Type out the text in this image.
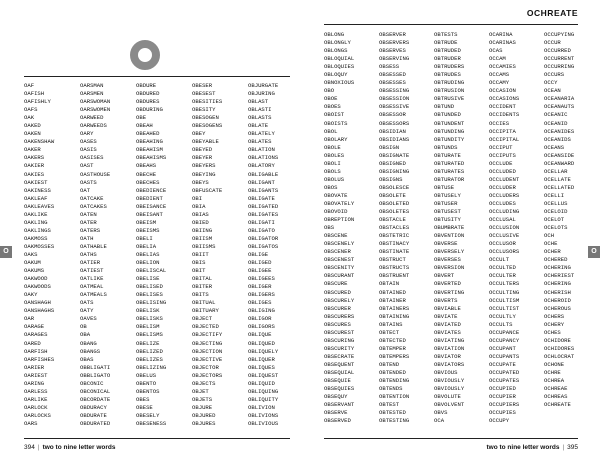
OAF
OAFISH
OAFISHLY
OAFS
OAK
OAKED
OAKEN
OAKENSHAW
OAKER
OAKERS
OAKIER
OAKIES
OAKIEST
OAKINESS
OAKLEAF
OAKLEAVES
OAKLIKE
OAKLING
OAKLINGS
OAKMOSS
OAKMOSSES
OAKS
OAKUM
OAKUMS
OAKWOOD
OAKWOODS
OAKY
OANSHAGH
OANSHAGHS
OAR
OARAGE
OARAGES
OARED
OARFISH
OARFISHES
OARIER
OARIEST
OARING
OARLESS
OARLIKE
OARLOCK
OARLOCKS
OARS
OARSMAN
OARSMEN
OARSWOMAN
OARSWOMEN
OARWEED
OARWEEDS
OARY
OASES
OASIS
OASISES
OAST
OASTHOUSE
OASTS
OAT
OATCAKE
OATCAKES
OATEN
OATER
OATERS
OATH
OATHABLE
OATHS
OATIER
OATIEST
OATLIKE
OATMEAL
OATMEALS
OATS
OATY
OAVES
OB
OBA
OBANG
OBANGS
OBAS
OBBLIGATI
OBBLIGATO
OBCONIC
OBCONICAL
OBCORDATE
OBDURACY
OBDURATE
OBDURATED
OBDURE
OBDURED
OBDURES
OBDURING
OBE
OBEAH
OBEAHED
OBEAHING
OBEAHISM
OBEAHISMS
OBEAHS
OBECHE
OBECHES
OBEDIENCE
OBEDIENT
OBEISANCE
OBEISANT
OBEISM
OBEISMS
OBELI
OBELIA
OBELIAS
OBELION
OBELISCAL
OBELISE
OBELISED
OBELISES
OBELISING
OBELISK
OBELISKS
OBELISM
OBELISMS
OBELIZE
OBELIZED
OBELIZES
OBELIZING
OBELUS
OBENTO
OBENTOS
OBES
OBESE
OBESELY
OBESENESS
OBESER
OBESEST
OBESITIES
OBESITY
OBESOGEN
OBESOGENS
OBEY
OBEYABLE
OBEYED
OBEYER
OBEYERS
OBEYING
OBEYS
OBFUSCATE
OBI
OBIA
OBIAS
OBIED
OBIING
OBIISM
OBIISMS
OBIIT
OBIS
OBIT
OBITAL
OBITER
OBITS
OBITUAL
OBITUARY
OBJECT
OBJECTED
OBJECTIFY
OBJECTING
OBJECTION
OBJECTIVE
OBJECTOR
OBJECTORS
OBJECTS
OBJET
OBJETS
OBJURE
OBJURED
OBJURES
OBJURGATE
OBJURING
OBLAST
OBLASTI
OBLASTS
OBLATE
OBLATELY
OBLATES
OBLATION
OBLATIONS
OBLATORY
OBLIGABLE
OBLIGANT
OBLIGANTS
OBLIGATE
OBLIGATED
OBLIGATES
OBLIGATI
OBLIGATO
OBLIGATOR
OBLIGATOS
OBLIGE
OBLIGED
OBLIGEE
OBLIGEES
OBLIGER
OBLIGERS
OBLIGES
OBLIGING
OBLIGOR
OBLIGORS
OBLIQUE
OBLIQUED
OBLIQUELY
OBLIQUER
OBLIQUES
OBLIQUEST
OBLIQUID
OBLIQUING
OBLIQUITY
OBLIVION
OBLIVIONS
OBLIVIOUS
394 | two to nine letter words
O
OCHREATE
OBLONG
OBLONGLY
OBLONGS
OBLOQUIAL
OBLOQUIES
OBLOQUY
OBNOXIOUS
OBO
OBOE
OBOES
OBOIST
OBOISTS
OBOL
OBOLARY
OBOLE
OBOLES
OBOLI
OBOLS
OBOLUS
OBOS
OBOVATE
OBOVATELY
OBOVOID
OBREPTION
OBS
OBSCENE
OBSCENELY
OBSCENER
OBSCENEST
OBSCENITY
OBSCURANT
OBSCURE
OBSCURED
OBSCURELY
OBSCURER
OBSCURERS
OBSCURES
OBSCUREST
OBSCURING
OBSCURITY
OBSECRATE
OBSEQUENT
OBSEQUIAL
OBSEQUIE
OBSEQUIES
OBSEQUY
OBSERVANT
OBSERVE
OBSERVED
OBSERVER
OBSERVERS
OBSERVES
OBSERVING
OBSESS
OBSESSED
OBSESSES
OBSESSING
OBSESSION
OBSESSIVE
OBSESSOR
OBSESSORS
OBSIDIAN
OBSIDIANS
OBSIGN
OBSIGNATE
OBSIGNED
OBSIGNING
OBSIGNS
OBSOLESCE
OBSOLETE
OBSOLETED
OBSOLETES
OBSTACLE
OBSTACLES
OBSTETRIC
OBSTINACY
OBSTINATE
OBSTRUCT
OBSTRUCTS
OBSTRUENT
OBTAIN
OBTAINED
OBTAINER
OBTAINERS
OBTAINING
OBTAINS
OBTECT
OBTECTED
OBTEMPER
OBTEMPERS
OBTEND
OBTENDED
OBTENDING
OBTENDS
OBTENTION
OBTEST
OBTESTED
OBTESTING
OBTESTS
OBTRUDE
OBTRUDED
OBTRUDER
OBTRUDERS
OBTRUDES
OBTRUDING
OBTRUSION
OBTRUSIVE
OBTUND
OBTUNDED
OBTUNDENT
OBTUNDING
OBTUNDITY
OBTUNDS
OBTURATE
OBTURATED
OBTURATES
OBTURATOR
OBTUSE
OBTUSELY
OBTUSER
OBTUSEST
OBTUSITY
OBUMBRATE
OBVENTION
OBVERSE
OBVERSELY
OBVERSES
OBVERSION
OBVERT
OBVERTED
OBVERTING
OBVERTS
OBVIABLE
OBVIATE
OBVIATED
OBVIATES
OBVIATING
OBVIATION
OBVIATOR
OBVIATORS
OBVIOUS
OBVIOUSLY
OBVIOUSLY
OBVOLUTE
OBVOLVENT
OBVS
OCA
OCARINA
OCARINAS
OCAS
OCCAM
OCCAMIES
OCCAMS
OCCAMY
OCCASION
OCCASIONS
OCCIDENT
OCCIDENTS
OCCIES
OCCIPITA
OCCIPITAL
OCCIPUT
OCCIPUTS
OCCLUDE
OCCLUDED
OCCLUDENT
OCCLUDER
OCCLUDERS
OCCLUDES
OCCLUDING
OCCLUSAL
OCCLUSION
OCCLUSIVE
OCCLUSOR
OCCLUSORS
OCCULT
OCCULTED
OCCULTER
OCCULTERS
OCCULTING
OCCULTISM
OCCULTIST
OCCULTLY
OCCULTS
OCCUPANCE
OCCUPANCY
OCCUPANT
OCCUPANTS
OCCUPATE
OCCUPATED
OCCUPATES
OCCUPIED
OCCUPIER
OCCUPIERS
OCCUPIES
OCCUPY
OCCUPYING
OCCUR
OCCURRED
OCCURRENT
OCCURRING
OCCURS
OCCY
OCEAN
OCEANARIA
OCEANAUTS
OCEANIC
OCEANID
OCEANIDES
OCEANIDS
OCEANS
OCEANSIDE
OCEANWARD
OCELLAR
OCELLATE
OCELLATED
OCELLI
OCELLUS
OCELOID
OCELOT
OCELOTS
OCH
OCHE
OCHER
OCHERED
OCHERING
OCHERIEST
OCHERING
OCHERISH
OCHEROID
OCHEROUS
OCHERS
OCHERY
OCHES
OCHIDORE
OCHIDORES
OCHLOCRAT
OCHONE
OCHRE
OCHREA
OCHREAE
OCHREAS
OCHREATE
two to nine letter words | 395
O
